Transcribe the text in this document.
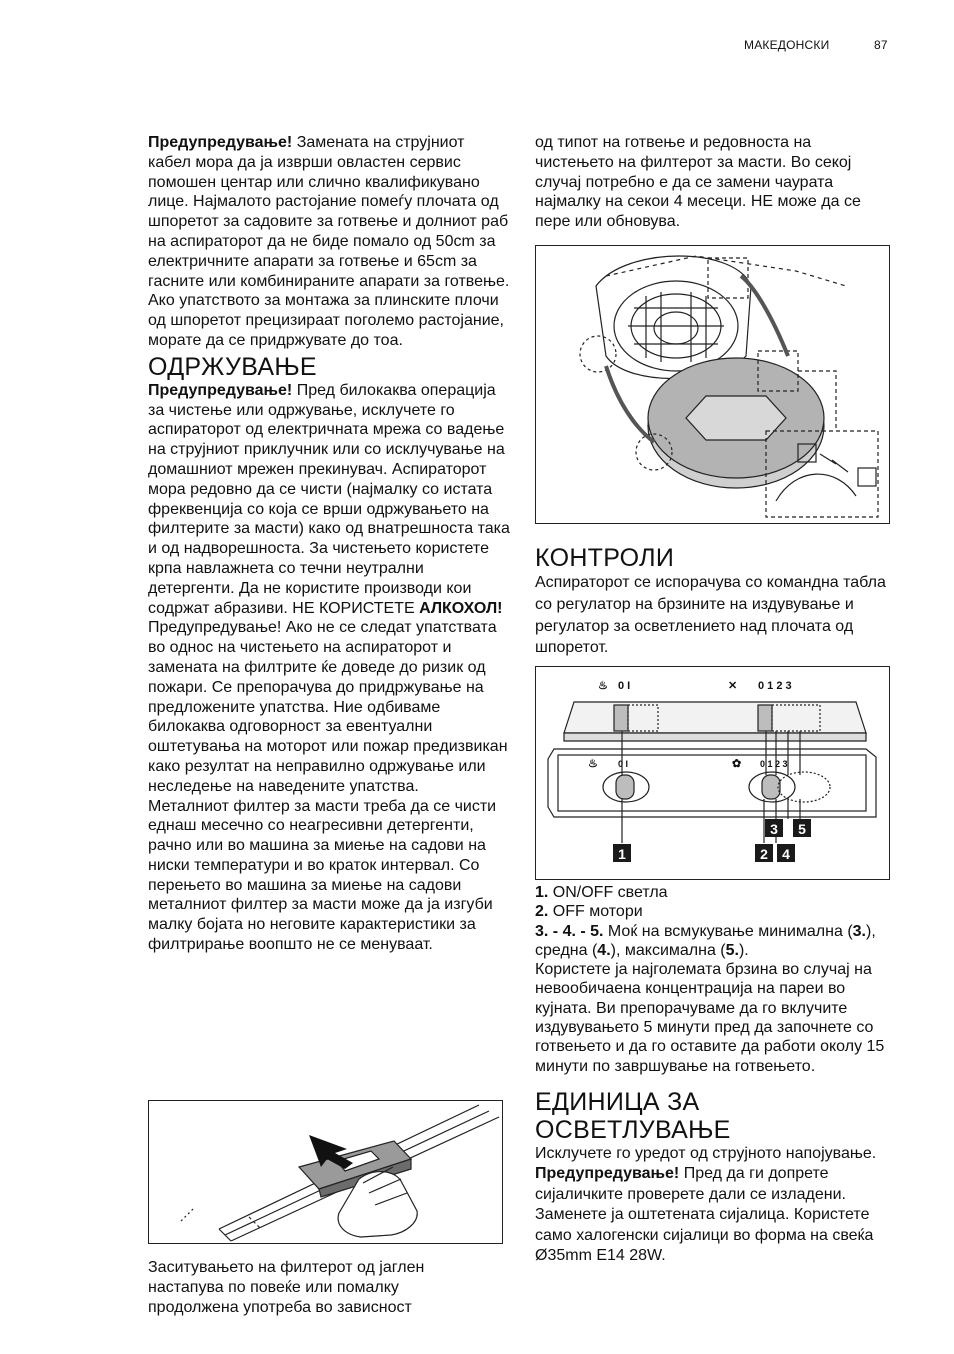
МАКЕДОНСКИ	87

Предупредување! Замената на струјниот кабел мора да ја изврши овластен сервис помошен центар или слично квалификувано лице. Најмалото растојание помеѓу плочата од шпоретот за садовите за готвење и долниот раб на аспираторот да не биде помало од 50cm за електричните апарати за готвење и 65cm за гасните или комбинираните апарати за готвење. Ако упатството за монтажа за плинските плочи од шпоретот прецизираат поголемо растојание, морате да се придржувате до тоа.

ОДРЖУВАЊЕ

Предупредување! Пред билокаква операција за чистење или одржување, исклучете го аспираторот од електричната мрежа со вадење на струјниот приклучник или со исклучување на домашниот мрежен прекинувач. Аспираторот мора редовно да се чисти (најмалку со истата фреквенција со која се врши одржувањето на филтерите за масти) како од внатрешноста така и од надворешноста. За чистењето користете крпа навлажнета со течни неутрални детергенти. Да не користите производи кои содржат абразиви. НЕ КОРИСТЕТЕ АЛКОХОЛ! Предупредување! Ако не се следат упатствата во однос на чистењето на аспираторот и замената на филтрите ќе доведе до ризик од пожари. Се препорачува до придржување на предложените упатства. Ние одбиваме билокаква одговорност за евентуални оштетувања на моторот или пожар предизвикан како резултат на неправилно одржување или неследење на наведените упатства.

Металниот филтер за масти треба да се чисти еднаш месечно со неагресивни детергенти, рачно или во машина за миење на садови на ниски температури и во краток интервал. Со перењето во машина за миење на садови металниот филтер за масти може да ја изгуби малку бојата но неговите карактеристики за филтрирање воопшто не се менуваат.

Заситувањето на филтерот од јаглен настапува по повеќе или помалку продолжена употреба во зависност
од типот на готвење и редовноста на чистењето на филтерот за масти. Во секој случај потребно е да се замени чаурата најмалку на секои 4 месеци. НЕ може да се пере или обновува.
КОНТРОЛИ

Аспираторот се испорачува со командна табла со регулатор на брзините на издувување и регулатор за осветлението над плочата од шпоретот.

♨ 0 I	✕ 0 1 2 3
♨ 0 I	✿ 0 1 2 3
1	2 4
3 5

1. ON/OFF светла

2. OFF мотори

3. - 4. - 5. Моќ на всмукување минимална (3.), средна (4.), максимална (5.).

Користете ја најголемата брзина во случај на невообичаена концентрација на пареи во кујната. Ви препорачуваме да го вклучите издувувањето 5 минути пред да започнете со готвењето и да го оставите да работи околу 15 минути по завршување на готвењето.

ЕДИНИЦА ЗА ОСВЕТЛУВАЊЕ

Исклучете го уредот од струјното напојување.

Предупредување! Пред да ги допрете сијаличките проверете дали се изладени. Заменете ја оштетената сијалица. Користете само халогенски сијалици во форма на свеќа Ø35mm E14 28W.
